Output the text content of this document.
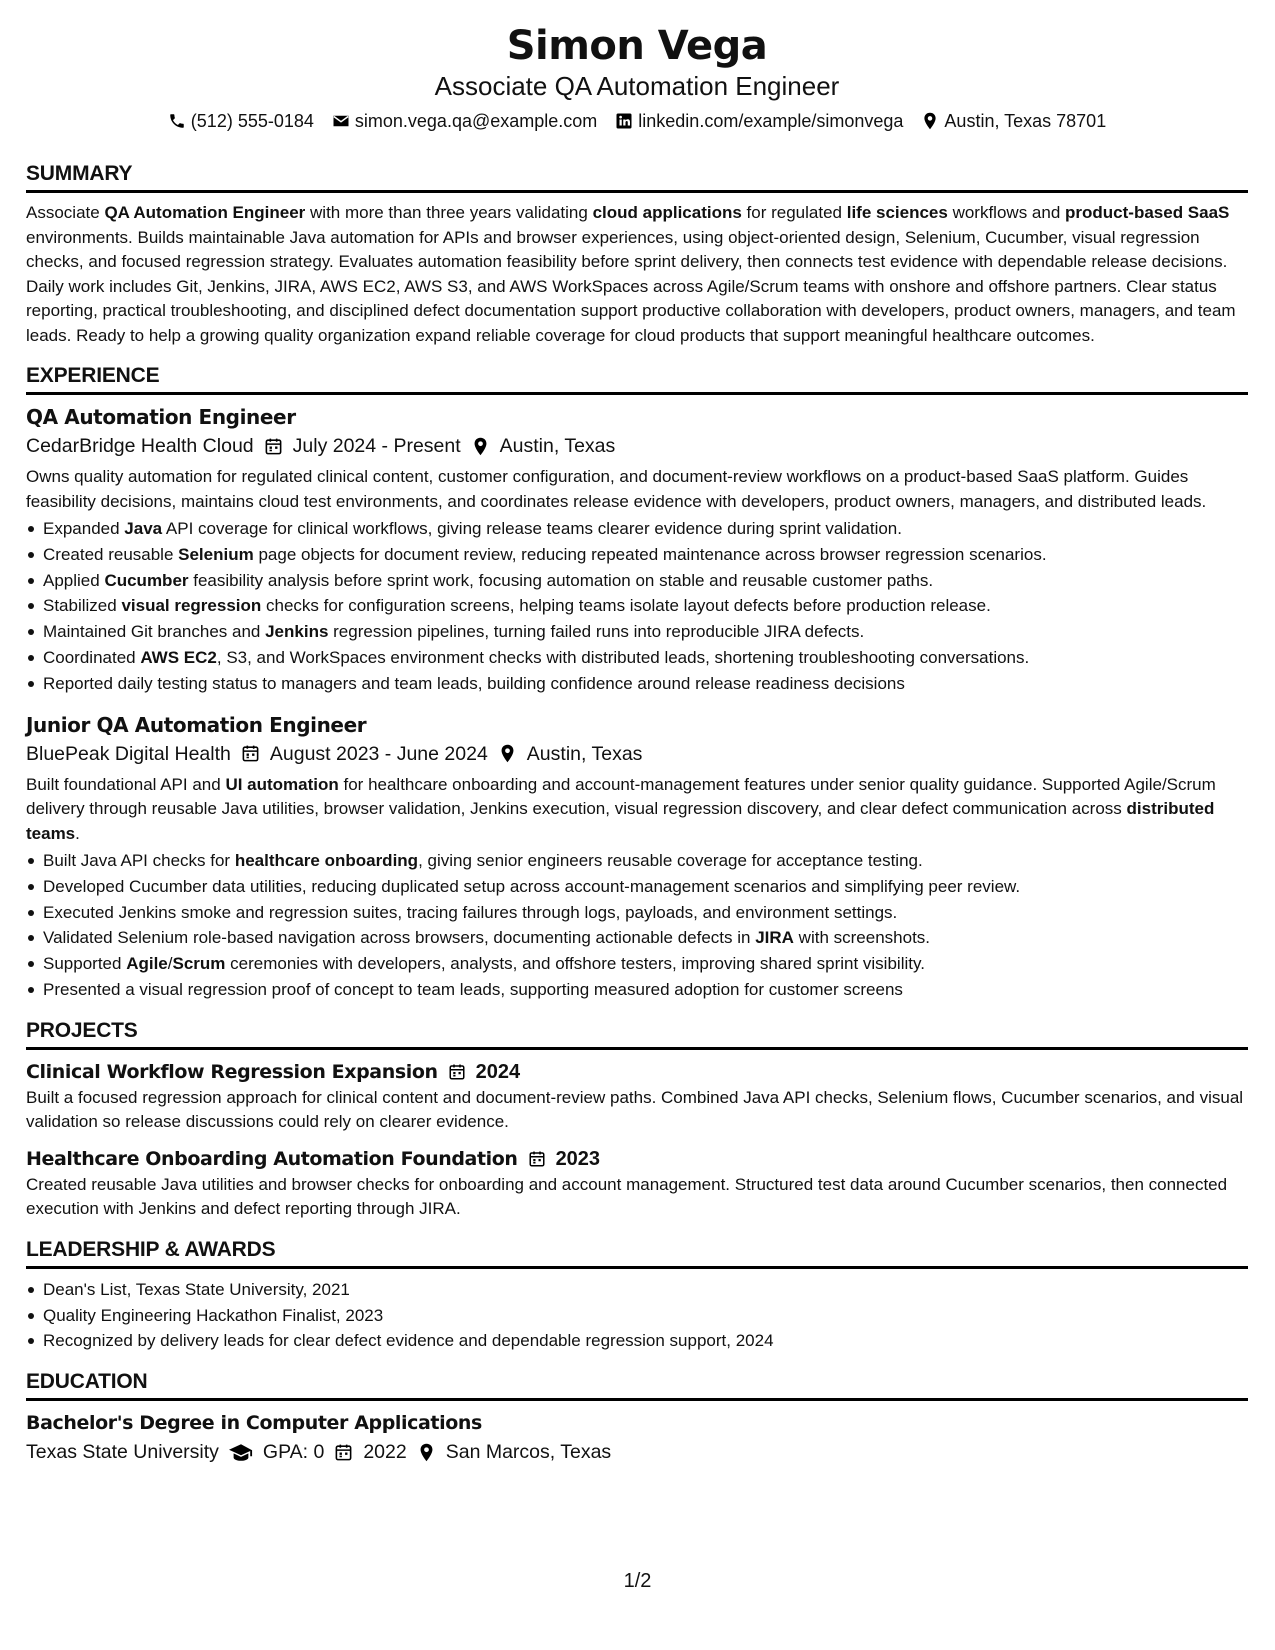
Simon Vega
Associate QA Automation Engineer
(512) 555-0184 simon.vega.qa@example.com linkedin.com/example/simonvega Austin, Texas 78701
SUMMARY

Associate QA Automation Engineer with more than three years validating cloud applications for regulated life sciences workflows and product-based SaaS environments. Builds maintainable Java automation for APIs and browser experiences, using object-oriented design, Selenium, Cucumber, visual regression checks, and focused regression strategy. Evaluates automation feasibility before sprint delivery, then connects test evidence with dependable release decisions. Daily work includes Git, Jenkins, JIRA, AWS EC2, AWS S3, and AWS WorkSpaces across Agile/Scrum teams with onshore and offshore partners. Clear status reporting, practical troubleshooting, and disciplined defect documentation support productive collaboration with developers, product owners, managers, and team leads. Ready to help a growing quality organization expand reliable coverage for cloud products that support meaningful healthcare outcomes.

EXPERIENCE
QA Automation Engineer
CedarBridge Health Cloud July 2024 - Present Austin, Texas

Owns quality automation for regulated clinical content, customer configuration, and document-review workflows on a product-based SaaS platform. Guides feasibility decisions, maintains cloud test environments, and coordinates release evidence with developers, product owners, managers, and distributed leads.

Expanded Java API coverage for clinical workflows, giving release teams clearer evidence during sprint validation.
Created reusable Selenium page objects for document review, reducing repeated maintenance across browser regression scenarios.
Applied Cucumber feasibility analysis before sprint work, focusing automation on stable and reusable customer paths.
Stabilized visual regression checks for configuration screens, helping teams isolate layout defects before production release.
Maintained Git branches and Jenkins regression pipelines, turning failed runs into reproducible JIRA defects.
Coordinated AWS EC2, S3, and WorkSpaces environment checks with distributed leads, shortening troubleshooting conversations.
Reported daily testing status to managers and team leads, building confidence around release readiness decisions
Junior QA Automation Engineer
BluePeak Digital Health August 2023 - June 2024 Austin, Texas

Built foundational API and UI automation for healthcare onboarding and account-management features under senior quality guidance. Supported Agile/Scrum delivery through reusable Java utilities, browser validation, Jenkins execution, visual regression discovery, and clear defect communication across distributed teams.

Built Java API checks for healthcare onboarding, giving senior engineers reusable coverage for acceptance testing.
Developed Cucumber data utilities, reducing duplicated setup across account-management scenarios and simplifying peer review.
Executed Jenkins smoke and regression suites, tracing failures through logs, payloads, and environment settings.
Validated Selenium role-based navigation across browsers, documenting actionable defects in JIRA with screenshots.
Supported Agile/Scrum ceremonies with developers, analysts, and offshore testers, improving shared sprint visibility.
Presented a visual regression proof of concept to team leads, supporting measured adoption for customer screens
PROJECTS
Clinical Workflow Regression Expansion 2024

Built a focused regression approach for clinical content and document-review paths. Combined Java API checks, Selenium flows, Cucumber scenarios, and visual validation so release discussions could rely on clearer evidence.

Healthcare Onboarding Automation Foundation 2023

Created reusable Java utilities and browser checks for onboarding and account management. Structured test data around Cucumber scenarios, then connected execution with Jenkins and defect reporting through JIRA.

LEADERSHIP & AWARDS
Dean's List, Texas State University, 2021
Quality Engineering Hackathon Finalist, 2023
Recognized by delivery leads for clear defect evidence and dependable regression support, 2024
EDUCATION
Bachelor's Degree in Computer Applications
Texas State University GPA: 0 2022 San Marcos, Texas
1/2
